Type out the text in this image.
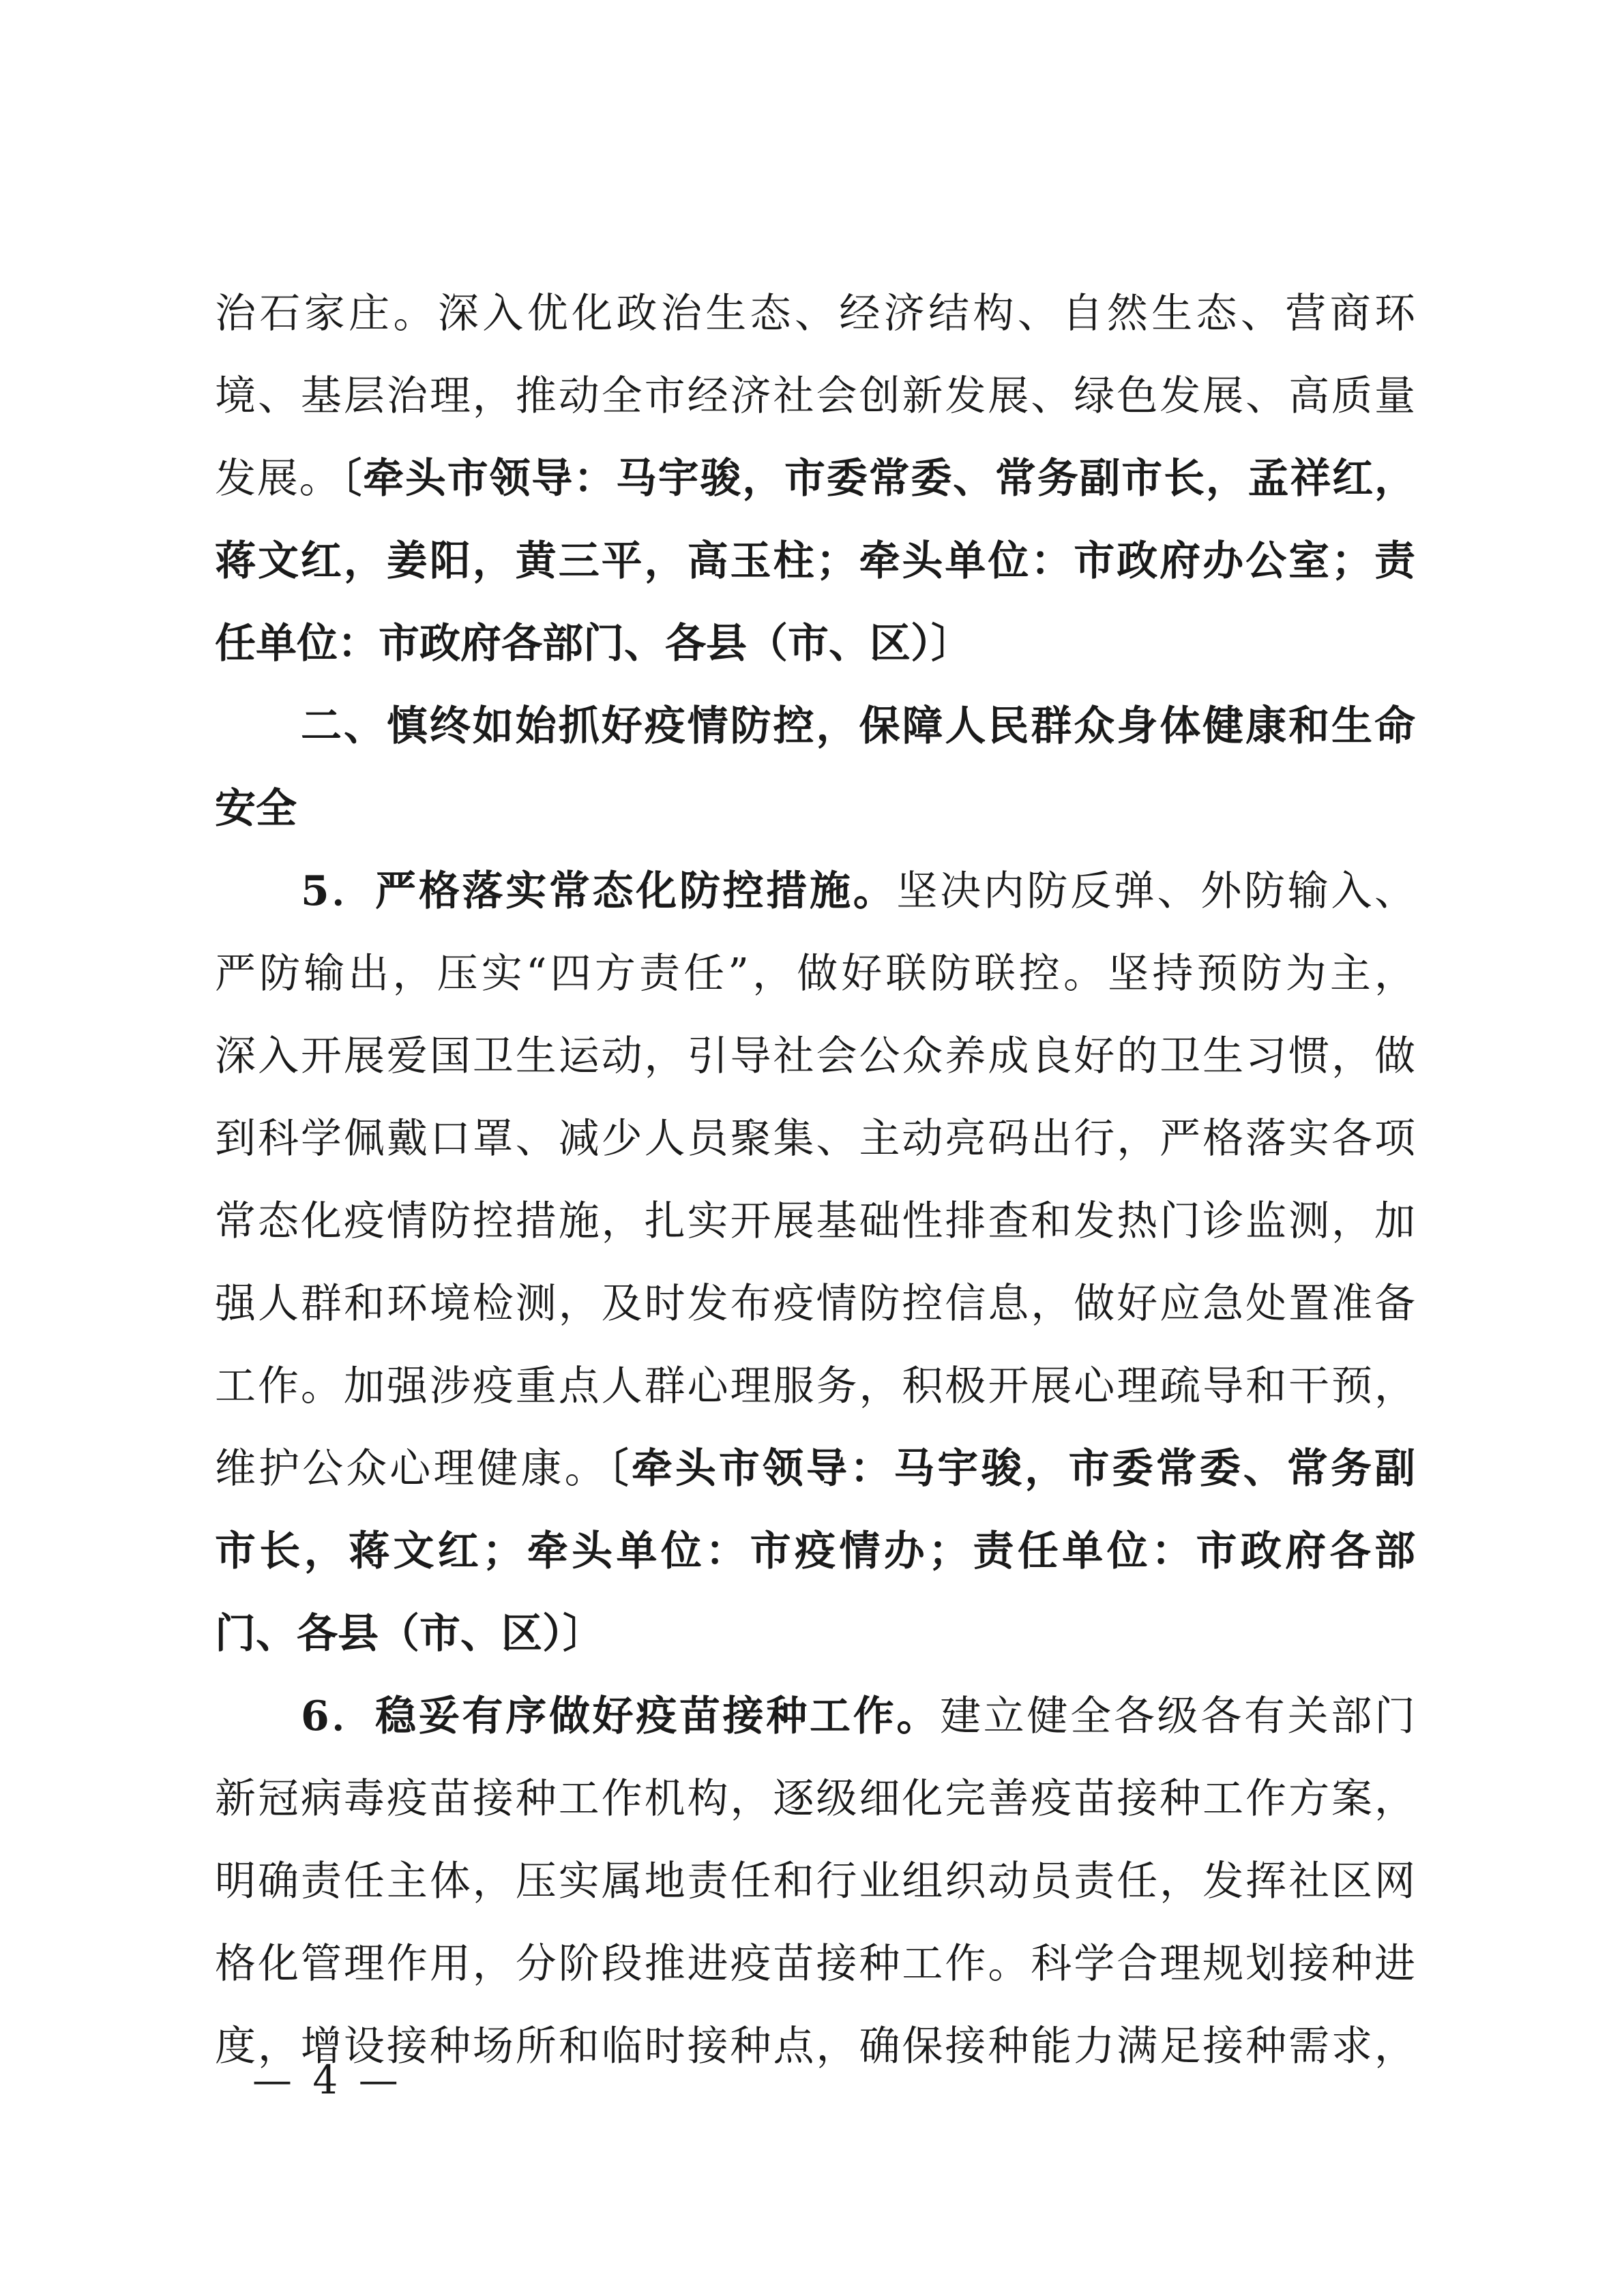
治石家庄。深入优化政治生态、经济结构、自然生态、营商环
境、基层治理，推动全市经济社会创新发展、绿色发展、高质量
发展。〔牵头市领导：马宇骏，市委常委、常务副市长，孟祥红，
蒋文红，姜阳，黄三平，高玉柱；牵头单位：市政府办公室；责
任单位：市政府各部门、各县（市、区）〕
二、慎终如始抓好疫情防控，保障人民群众身体健康和生命
安全
5．严格落实常态化防控措施。坚决内防反弹、外防输入、
严防输出，压实“四方责任”，做好联防联控。坚持预防为主，
深入开展爱国卫生运动，引导社会公众养成良好的卫生习惯，做
到科学佩戴口罩、减少人员聚集、主动亮码出行，严格落实各项
常态化疫情防控措施，扎实开展基础性排查和发热门诊监测，加
强人群和环境检测，及时发布疫情防控信息，做好应急处置准备
工作。加强涉疫重点人群心理服务，积极开展心理疏导和干预，
维护公众心理健康。〔牵头市领导：马宇骏，市委常委、常务副
市长，蒋文红；牵头单位：市疫情办；责任单位：市政府各部
门、各县（市、区）〕
6．稳妥有序做好疫苗接种工作。建立健全各级各有关部门
新冠病毒疫苗接种工作机构，逐级细化完善疫苗接种工作方案，
明确责任主体，压实属地责任和行业组织动员责任，发挥社区网
格化管理作用，分阶段推进疫苗接种工作。科学合理规划接种进
度，增设接种场所和临时接种点，确保接种能力满足接种需求，
— 4 —
